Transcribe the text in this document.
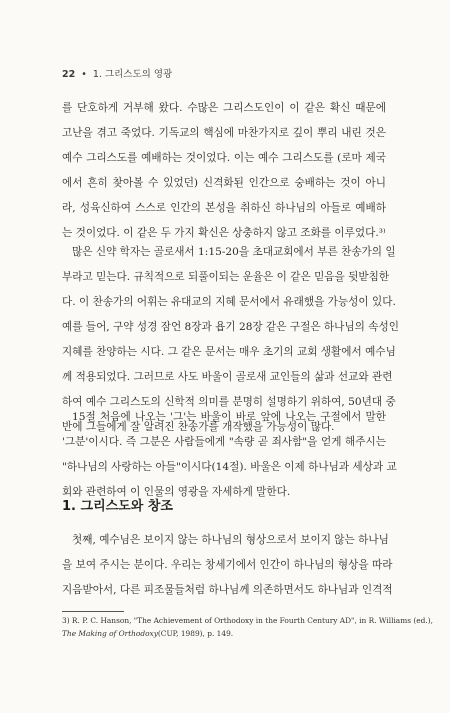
22 • 1. 그리스도의 영광
를 단호하게 거부해 왔다. 수많은 그리스도인이 이 같은 확신 때문에
고난을 겪고 죽었다. 기독교의 핵심에 마찬가지로 깊이 뿌리 내린 것은
예수 그리스도를 예배하는 것이었다. 이는 예수 그리스도를 (로마 제국
에서 흔히 찾아볼 수 있었던) 신격화된 인간으로 숭배하는 것이 아니
라, 성육신하여 스스로 인간의 본성을 취하신 하나님의 아들로 예배하
는 것이었다. 이 같은 두 가지 확신은 상충하지 않고 조화를 이루었다.³⁾
많은 신약 학자는 골로새서 1:15-20을 초대교회에서 부른 찬송가의 일
부라고 믿는다. 규칙적으로 되풀이되는 운율은 이 같은 믿음을 뒷받침한
다. 이 찬송가의 어휘는 유대교의 지혜 문서에서 유래했을 가능성이 있다.
예를 들어, 구약 성경 잠언 8장과 욥기 28장 같은 구절은 하나님의 속성인
지혜를 찬양하는 시다. 그 같은 문서는 매우 초기의 교회 생활에서 예수님
께 적용되었다. 그러므로 사도 바울이 골로새 교인들의 삶과 선교와 관련
하여 예수 그리스도의 신학적 의미를 분명히 설명하기 위하여, 50년대 중
반에 그들에게 잘 알려진 찬송가를 개작했을 가능성이 많다.
15절 처음에 나오는 '그'는 바울이 바로 앞에 나오는 구절에서 말한
'그분'이시다. 즉 그분은 사람들에게 "속량 곧 죄사함"을 얻게 해주시는
"하나님의 사랑하는 아들"이시다(14절). 바울은 이제 하나님과 세상과 교
회와 관련하여 이 인물의 영광을 자세하게 말한다.
1. 그리스도와 창조
첫째, 예수님은 보이지 않는 하나님의 형상으로서 보이지 않는 하나님
을 보여 주시는 분이다. 우리는 창세기에서 인간이 하나님의 형상을 따라
지음받아서, 다른 피조물들처럼 하나님께 의존하면서도 하나님과 인격적
3) R. P. C. Hanson, "The Achievement of Orthodoxy in the Fourth Century AD", in R. Williams (ed.),
The Making of Orthodoxy(CUP, 1989), p. 149.
